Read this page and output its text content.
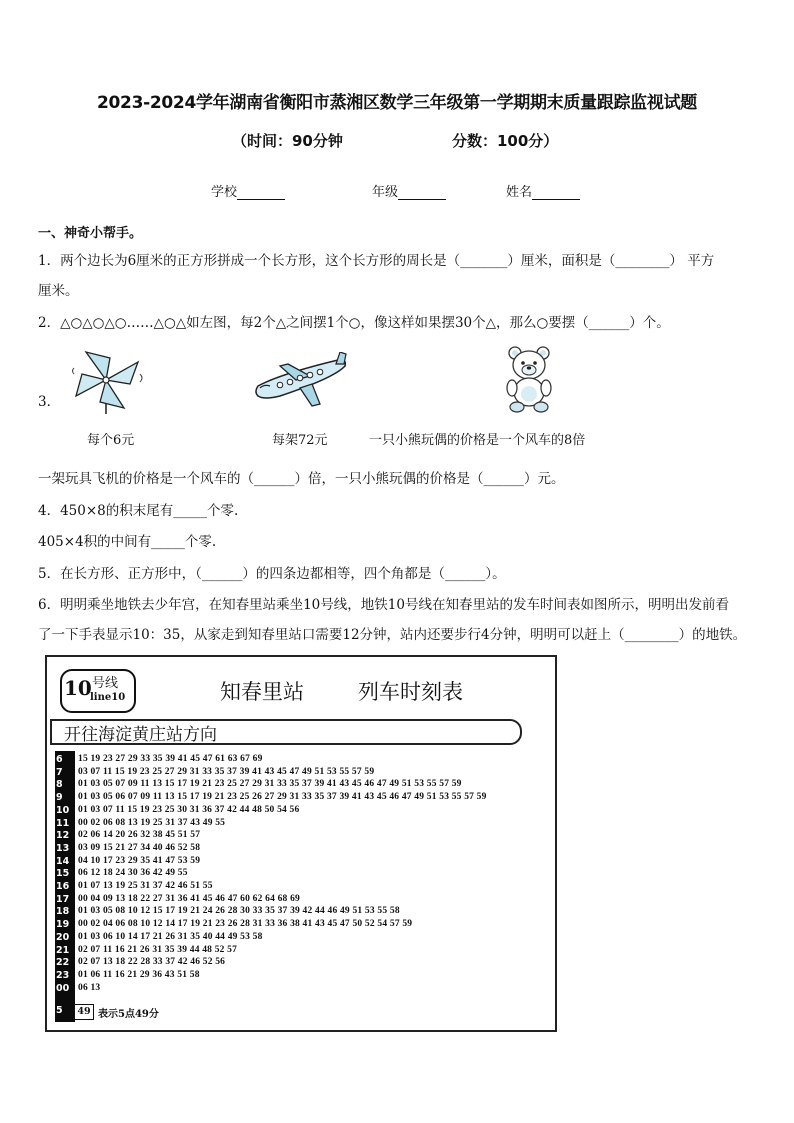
2023-2024学年湖南省衡阳市蒸湘区数学三年级第一学期期末质量跟踪监视试题
（时间：90分钟	分数：100分）
学校	年级	姓名
一、神奇小帮手。
1．两个边长为6厘米的正方形拼成一个长方形，这个长方形的周长是（_______）厘米，面积是（________） 平方
厘米。
2．△○△○△○……△○△如左图，每2个△之间摆1个○，像这样如果摆30个△，那么○要摆（______）个。
3．
每个6元	每架72元	一只小熊玩偶的价格是一个风车的8倍
一架玩具飞机的价格是一个风车的（______）倍，一只小熊玩偶的价格是（______）元。
4．450×8的积末尾有_____个零.
405×4积的中间有_____个零.
5．在长方形、正方形中，（______）的四条边都相等，四个角都是（______）。
6．明明乘坐地铁去少年宫，在知春里站乘坐10号线，地铁10号线在知春里站的发车时间表如图所示，明明出发前看
了一下手表显示10：35，从家走到知春里站口需要12分钟，站内还要步行4分钟，明明可以赶上（________）的地铁。
10 号线
line10	知春里站	列车时刻表
开往海淀黄庄站方向
6 15 19 23 27 29 33 35 39 41 45 47 61 63 67 69
7 03 07 11 15 19 23 25 27 29 31 33 35 37 39 41 43 45 47 49 51 53 55 57 59
8 01 03 05 07 09 11 13 15 17 19 21 23 25 27 29 31 33 35 37 39 41 43 45 46 47 49 51 53 55 57 59
9 01 03 05 06 07 09 11 13 15 17 19 21 23 25 26 27 29 31 33 35 37 39 41 43 45 46 47 49 51 53 55 57 59
10 01 03 07 11 15 19 23 25 30 31 36 37 42 44 48 50 54 56
11 00 02 06 08 13 19 25 31 37 43 49 55
12 02 06 14 20 26 32 38 45 51 57
13 03 09 15 21 27 34 40 46 52 58
14 04 10 17 23 29 35 41 47 53 59
15 06 12 18 24 30 36 42 49 55
16 01 07 13 19 25 31 37 42 46 51 55
17 00 04 09 13 18 22 27 31 36 41 45 46 47 60 62 64 68 69
18 01 03 05 08 10 12 15 17 19 21 24 26 28 30 33 35 37 39 42 44 46 49 51 53 55 58
19 00 02 04 06 08 10 12 14 17 19 21 23 26 28 31 33 36 38 41 43 45 47 50 52 54 57 59
20 01 03 06 10 14 17 21 26 31 35 40 44 49 53 58
21 02 07 11 16 21 26 31 35 39 44 48 52 57
22 02 07 13 18 22 28 33 37 42 46 52 56
23 01 06 11 16 21 29 36 43 51 58
00 06 13
49
5	表示5点49分
